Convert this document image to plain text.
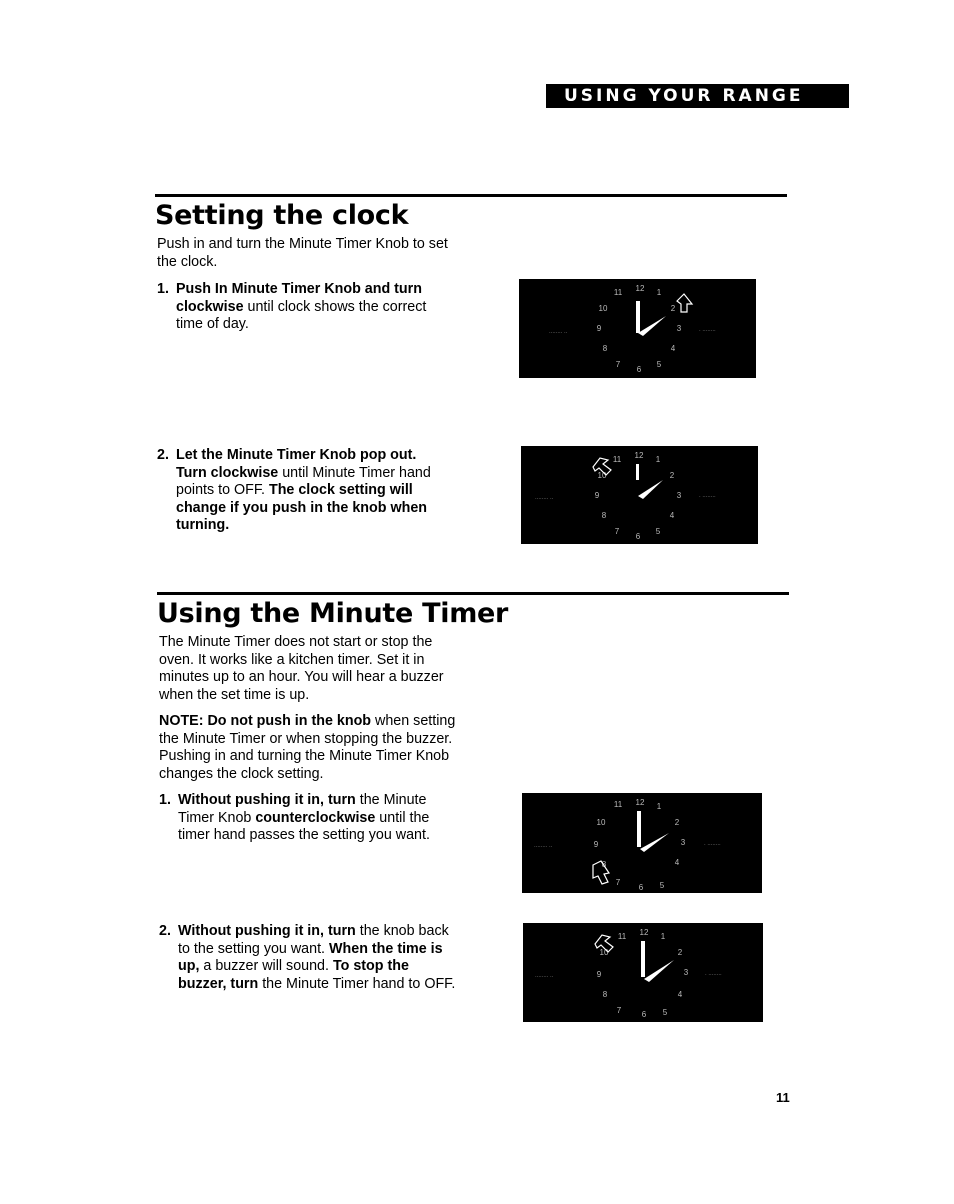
USING YOUR RANGE
Setting the clock
Push in and turn the Minute Timer Knob to set the clock.
1. Push In Minute Timer Knob and turn clockwise until clock shows the correct time of day.
12 1
2
3
4
5
6
7
8
9
10
11
........ ..	. ........
2. Let the Minute Timer Knob pop out.
Turn clockwise until Minute Timer hand points to OFF. The clock setting will change if you push in the knob when turning.
12 1
2
3
4
5
6
7
8
9
10
11
........ ..	. ........
Using the Minute Timer
The Minute Timer does not start or stop the oven. It works like a kitchen timer. Set it in minutes up to an hour. You will hear a buzzer when the set time is up.
NOTE: Do not push in the knob when setting the Minute Timer or when stopping the buzzer. Pushing in and turning the Minute Timer Knob changes the clock setting.
1. Without pushing it in, turn the Minute Timer Knob counterclockwise until the timer hand passes the setting you want.
12 1
2
3
4
5
6
7
8
9
10
11
........ ..	. ........
2. Without pushing it in, turn the knob back to the setting you want. When the time is up, a buzzer will sound. To stop the buzzer, turn the Minute Timer hand to OFF.
12 1
2
3
4
5
6
7
8
9
10
11
........ ..	. ........
11
